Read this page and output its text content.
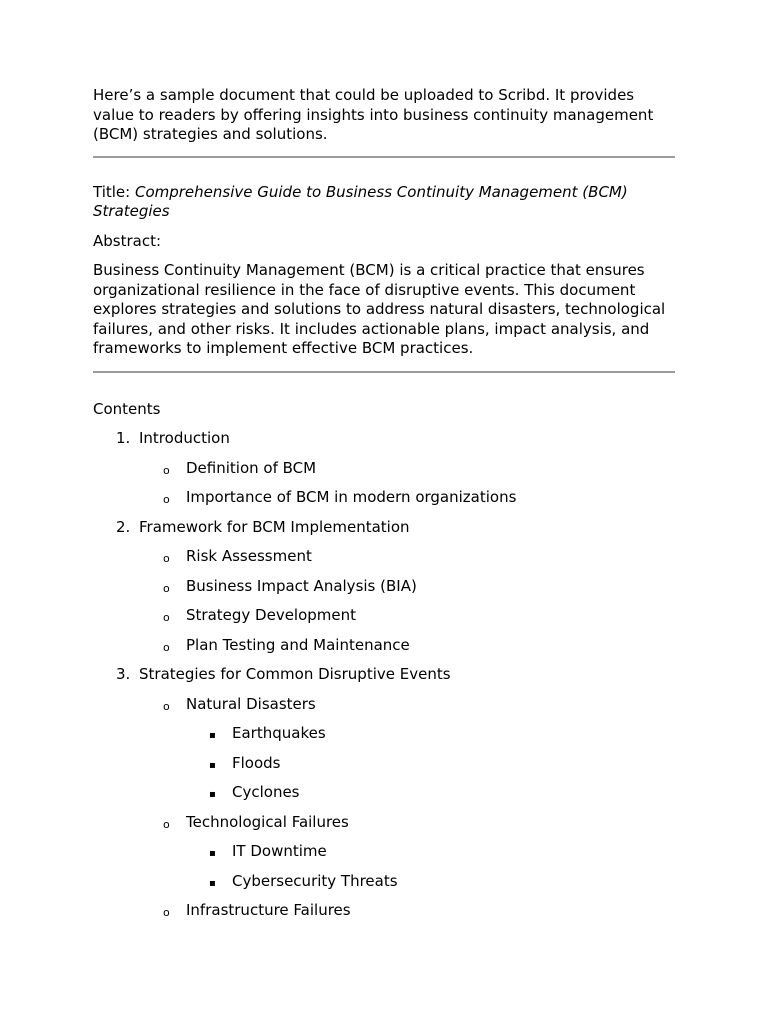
Here’s a sample document that could be uploaded to Scribd. It provides value to readers by offering insights into business continuity management (BCM) strategies and solutions.

Title: Comprehensive Guide to Business Continuity Management (BCM) Strategies

Abstract:

Business Continuity Management (BCM) is a critical practice that ensures organizational resilience in the face of disruptive events. This document explores strategies and solutions to address natural disasters, technological failures, and other risks. It includes actionable plans, impact analysis, and frameworks to implement effective BCM practices.

Contents

1. Introduction
o Definition of BCM
o Importance of BCM in modern organizations
2. Framework for BCM Implementation
o Risk Assessment
o Business Impact Analysis (BIA)
o Strategy Development
o Plan Testing and Maintenance
3. Strategies for Common Disruptive Events
o Natural Disasters
▪ Earthquakes
▪ Floods
▪ Cyclones
o Technological Failures
▪ IT Downtime
▪ Cybersecurity Threats
o Infrastructure Failures
